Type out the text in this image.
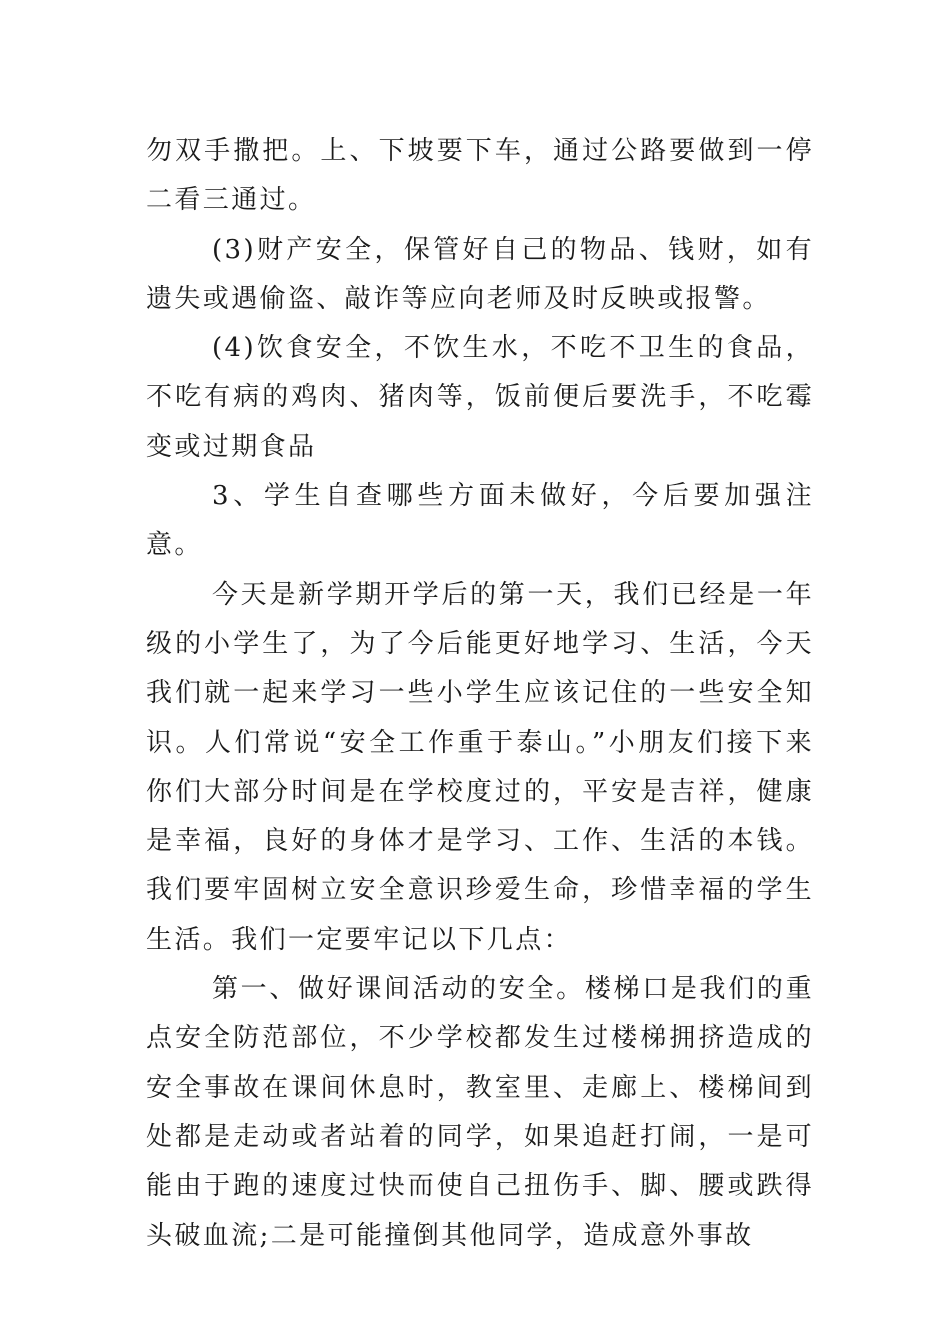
勿双手撒把。上、下坡要下车，通过公路要做到一停二看三通过。

(3)财产安全，保管好自己的物品、钱财，如有遗失或遇偷盗、敲诈等应向老师及时反映或报警。

(4)饮食安全，不饮生水，不吃不卫生的食品，不吃有病的鸡肉、猪肉等，饭前便后要洗手，不吃霉变或过期食品

3、学生自查哪些方面未做好，今后要加强注意。

今天是新学期开学后的第一天，我们已经是一年级的小学生了，为了今后能更好地学习、生活，今天我们就一起来学习一些小学生应该记住的一些安全知识。人们常说“安全工作重于泰山。”小朋友们接下来你们大部分时间是在学校度过的，平安是吉祥，健康是幸福，良好的身体才是学习、工作、生活的本钱。我们要牢固树立安全意识珍爱生命，珍惜幸福的学生生活。我们一定要牢记以下几点：

第一、做好课间活动的安全。楼梯口是我们的重点安全防范部位，不少学校都发生过楼梯拥挤造成的安全事故在课间休息时，教室里、走廊上、楼梯间到处都是走动或者站着的同学，如果追赶打闹，一是可能由于跑的速度过快而使自己扭伤手、脚、腰或跌得头破血流;二是可能撞倒其他同学，造成意外事故
